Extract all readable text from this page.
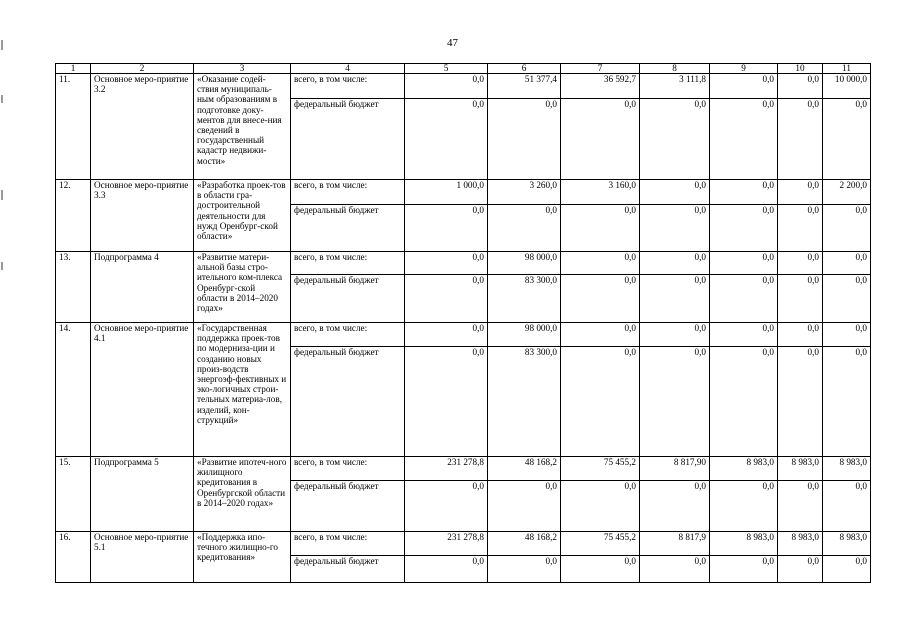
47
1	2	3	4	5	6	7	8	9	10	11
11.	Основное меро-приятие 3.2	«Оказание содей-ствия муниципаль-ным образованиям в подготовке доку-ментов для внесе-ния сведений в государственный кадастр недвижи-мости»	всего, в том числе:	0,0	51 377,4	36 592,7	3 111,8	0,0	0,0	10 000,0
			федеральный бюджет	0,0	0,0	0,0	0,0	0,0	0,0	0,0
12.	Основное меро-приятие 3.3	«Разработка проек-тов в области гра-достроительной деятельности для нужд Оренбург-ской области»	всего, в том числе:	1 000,0	3 260,0	3 160,0	0,0	0,0	0,0	2 200,0
			федеральный бюджет	0,0	0,0	0,0	0,0	0,0	0,0	0,0
13.	Подпрограмма 4	«Развитие матери-альной базы стро-ительного ком-плекса Оренбург-ской области в 2014–2020 годах»	всего, в том числе:	0,0	98 000,0	0,0	0,0	0,0	0,0	0,0
			федеральный бюджет	0,0	83 300,0	0,0	0,0	0,0	0,0	0,0
14.	Основное меро-приятие 4.1	«Государственная поддержка проек-тов по модерниза-ции и созданию новых произ-водств энергоэф-фективных и эко-логичных строи-тельных материа-лов, изделий, кон-струкций»	всего, в том числе:	0,0	98 000,0	0,0	0,0	0,0	0,0	0,0
			федеральный бюджет	0,0	83 300,0	0,0	0,0	0,0	0,0	0,0
15.	Подпрограмма 5	«Развитие ипотеч-ного жилищного кредитования в Оренбургской области в 2014–2020 годах»	всего, в том числе:	231 278,8	48 168,2	75 455,2	8 817,90	8 983,0	8 983,0	8 983,0
			федеральный бюджет	0,0	0,0	0,0	0,0	0,0	0,0	0,0
16.	Основное меро-приятие 5.1	«Поддержка ипо-течного жилищно-го кредитования»	всего, в том числе:	231 278,8	48 168,2	75 455,2	8 817,9	8 983,0	8 983,0	8 983,0
			федеральный бюджет	0,0	0,0	0,0	0,0	0,0	0,0	0,0
